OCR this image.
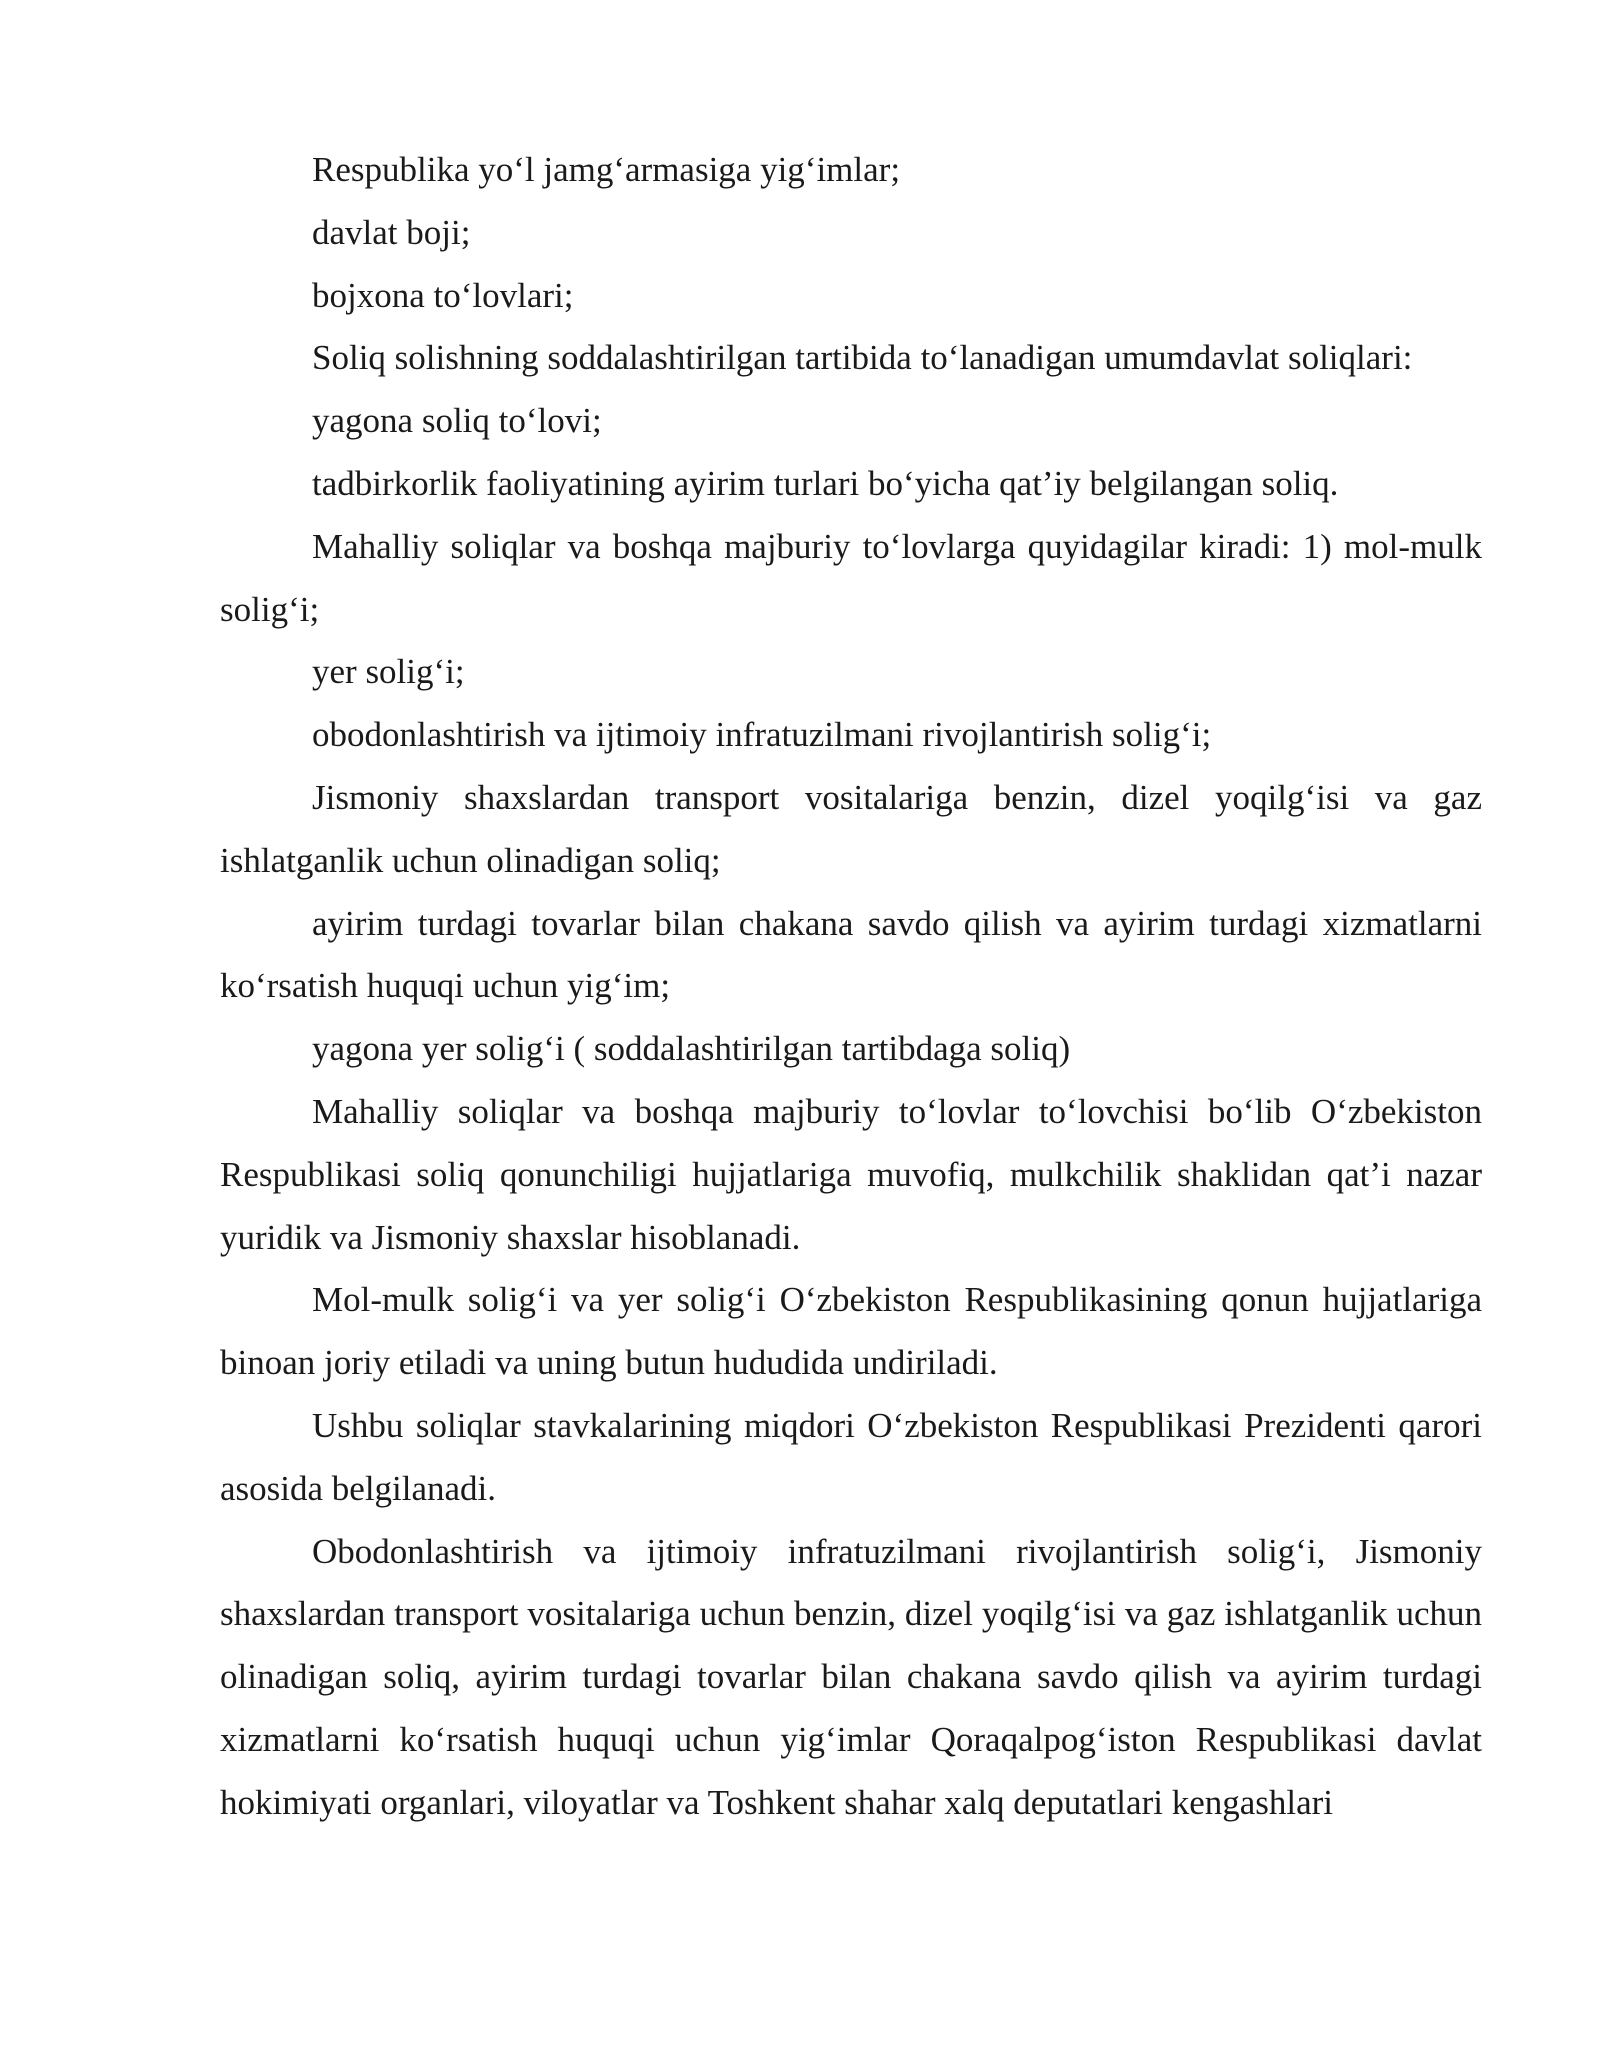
Respublika yo‘l jamg‘armasiga yig‘imlar;

davlat boji;

bojxona to‘lovlari;

Soliq solishning soddalashtirilgan tartibida to‘lanadigan umumdavlat soliqlari:

yagona soliq to‘lovi;

tadbirkorlik faoliyatining ayirim turlari bo‘yicha qat’iy belgilangan soliq.

Mahalliy soliqlar va boshqa majburiy to‘lovlarga quyidagilar kiradi: 1) mol-mulk solig‘i;

yer solig‘i;

obodonlashtirish va ijtimoiy infratuzilmani rivojlantirish solig‘i;

Jismoniy shaxslardan transport vositalariga benzin, dizel yoqilg‘isi va gaz ishlatganlik uchun olinadigan soliq;

ayirim turdagi tovarlar bilan chakana savdo qilish va ayirim turdagi xizmatlarni ko‘rsatish huquqi uchun yig‘im;

yagona yer solig‘i ( soddalashtirilgan tartibdaga soliq)

Mahalliy soliqlar va boshqa majburiy to‘lovlar to‘lovchisi bo‘lib O‘zbekiston Respublikasi soliq qonunchiligi hujjatlariga muvofiq, mulkchilik shaklidan qat’i nazar yuridik va Jismoniy shaxslar hisoblanadi.

Mol-mulk solig‘i va yer solig‘i O‘zbekiston Respublikasining qonun hujjatlariga binoan joriy etiladi va uning butun hududida undiriladi.

Ushbu soliqlar stavkalarining miqdori O‘zbekiston Respublikasi Prezidenti qarori asosida belgilanadi.

Obodonlashtirish va ijtimoiy infratuzilmani rivojlantirish solig‘i, Jismoniy shaxslardan transport vositalariga uchun benzin, dizel yoqilg‘isi va gaz ishlatganlik uchun olinadigan soliq, ayirim turdagi tovarlar bilan chakana savdo qilish va ayirim turdagi xizmatlarni ko‘rsatish huquqi uchun yig‘imlar Qoraqalpog‘iston Respublikasi davlat hokimiyati organlari, viloyatlar va Toshkent shahar xalq deputatlari kengashlari
